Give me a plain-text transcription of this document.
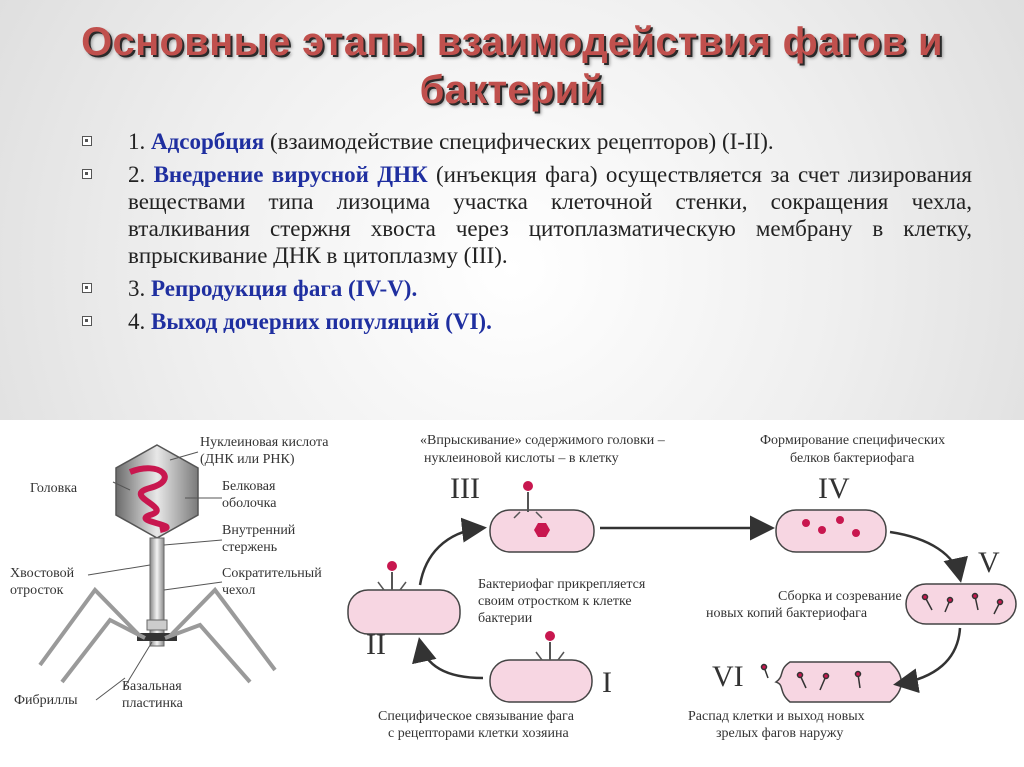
Основные этапы взаимодействия фагов и бактерий
1. Адсорбция (взаимодействие специфических рецепторов) (I-II).
2. Внедрение вирусной ДНК (инъекция фага) осуществляется за счет лизирования веществами типа лизоцима участка клеточной стенки, сокращения чехла, вталкивания стержня хвоста через цитоплазматическую мембрану в клетку, впрыскивание ДНК в цитоплазму (III).
3. Репродукция фага (IV-V).
4. Выход дочерних популяций (VI).
Нуклеиновая кислота
(ДНК или РНК)
Головка	Белковая
оболочка
Внутренний
стержень
Хвостовой
отросток
Сократительный
чехол
Фибриллы
Базальная
пластинка
III	IV
V
II
I	VI
«Впрыскивание» содержимого головки –
нуклеиновой кислоты – в клетку
Формирование специфических
белков бактериофага
Бактериофаг прикрепляется
своим отростком к клетке
бактерии
Сборка и созревание
новых копий бактериофага
Специфическое связывание фага
с рецепторами клетки хозяина
Распад клетки и выход новых
зрелых фагов наружу
